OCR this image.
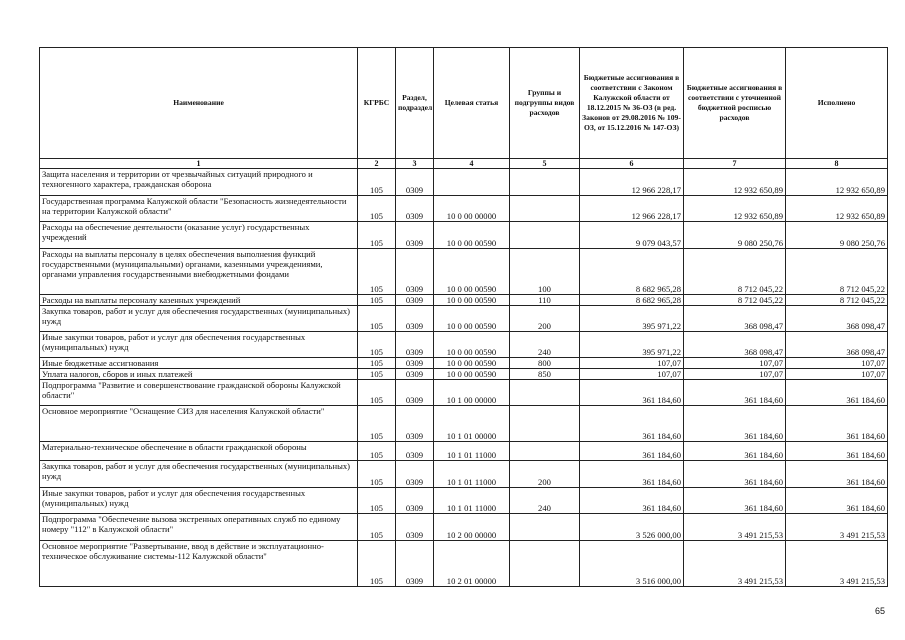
Наименование	КГРБС	Раздел, подраздел	Целевая статья	Группы и подгруппы видов расходов	Бюджетные ассигнования в соответствии с Законом Калужской области от 18.12.2015 № 36-ОЗ (в ред. Законов от 29.08.2016 № 109-ОЗ, от 15.12.2016 № 147-ОЗ)	Бюджетные ассигнования в соответствии с уточненной бюджетной росписью расходов	Исполнено
1	2	3	4	5	6	7	8
Защита населения и территории от чрезвычайных ситуаций природного и техногенного характера, гражданская оборона	105	0309			12 966 228,17	12 932 650,89	12 932 650,89
Государственная программа Калужской области "Безопасность жизнедеятельности на территории Калужской области"	105	0309	10 0 00 00000		12 966 228,17	12 932 650,89	12 932 650,89
Расходы на обеспечение деятельности (оказание услуг) государственных учреждений	105	0309	10 0 00 00590		9 079 043,57	9 080 250,76	9 080 250,76
Расходы на выплаты персоналу в целях обеспечения выполнения функций государственными (муниципальными) органами, казенными учреждениями, органами управления государственными внебюджетными фондами	105	0309	10 0 00 00590	100	8 682 965,28	8 712 045,22	8 712 045,22
Расходы на выплаты персоналу казенных учреждений	105	0309	10 0 00 00590	110	8 682 965,28	8 712 045,22	8 712 045,22
Закупка товаров, работ и услуг для обеспечения государственных (муниципальных) нужд	105	0309	10 0 00 00590	200	395 971,22	368 098,47	368 098,47
Иные закупки товаров, работ и услуг для обеспечения государственных (муниципальных) нужд	105	0309	10 0 00 00590	240	395 971,22	368 098,47	368 098,47
Иные бюджетные ассигнования	105	0309	10 0 00 00590	800	107,07	107,07	107,07
Уплата налогов, сборов и иных платежей	105	0309	10 0 00 00590	850	107,07	107,07	107,07
Подпрограмма "Развитие и совершенствование гражданской обороны Калужской области"	105	0309	10 1 00 00000		361 184,60	361 184,60	361 184,60
Основное мероприятие "Оснащение СИЗ для населения Калужской области"	105	0309	10 1 01 00000		361 184,60	361 184,60	361 184,60
Материально-техническое обеспечение в области гражданской обороны	105	0309	10 1 01 11000		361 184,60	361 184,60	361 184,60
Закупка товаров, работ и услуг для обеспечения государственных (муниципальных) нужд	105	0309	10 1 01 11000	200	361 184,60	361 184,60	361 184,60
Иные закупки товаров, работ и услуг для обеспечения государственных (муниципальных) нужд	105	0309	10 1 01 11000	240	361 184,60	361 184,60	361 184,60
Подпрограмма "Обеспечение вызова экстренных оперативных служб по единому номеру "112" в Калужской области"	105	0309	10 2 00 00000		3 526 000,00	3 491 215,53	3 491 215,53
Основное мероприятие "Развертывание, ввод в действие и эксплуатационно-техническое обслуживание системы-112 Калужской области"	105	0309	10 2 01 00000		3 516 000,00	3 491 215,53	3 491 215,53
65
